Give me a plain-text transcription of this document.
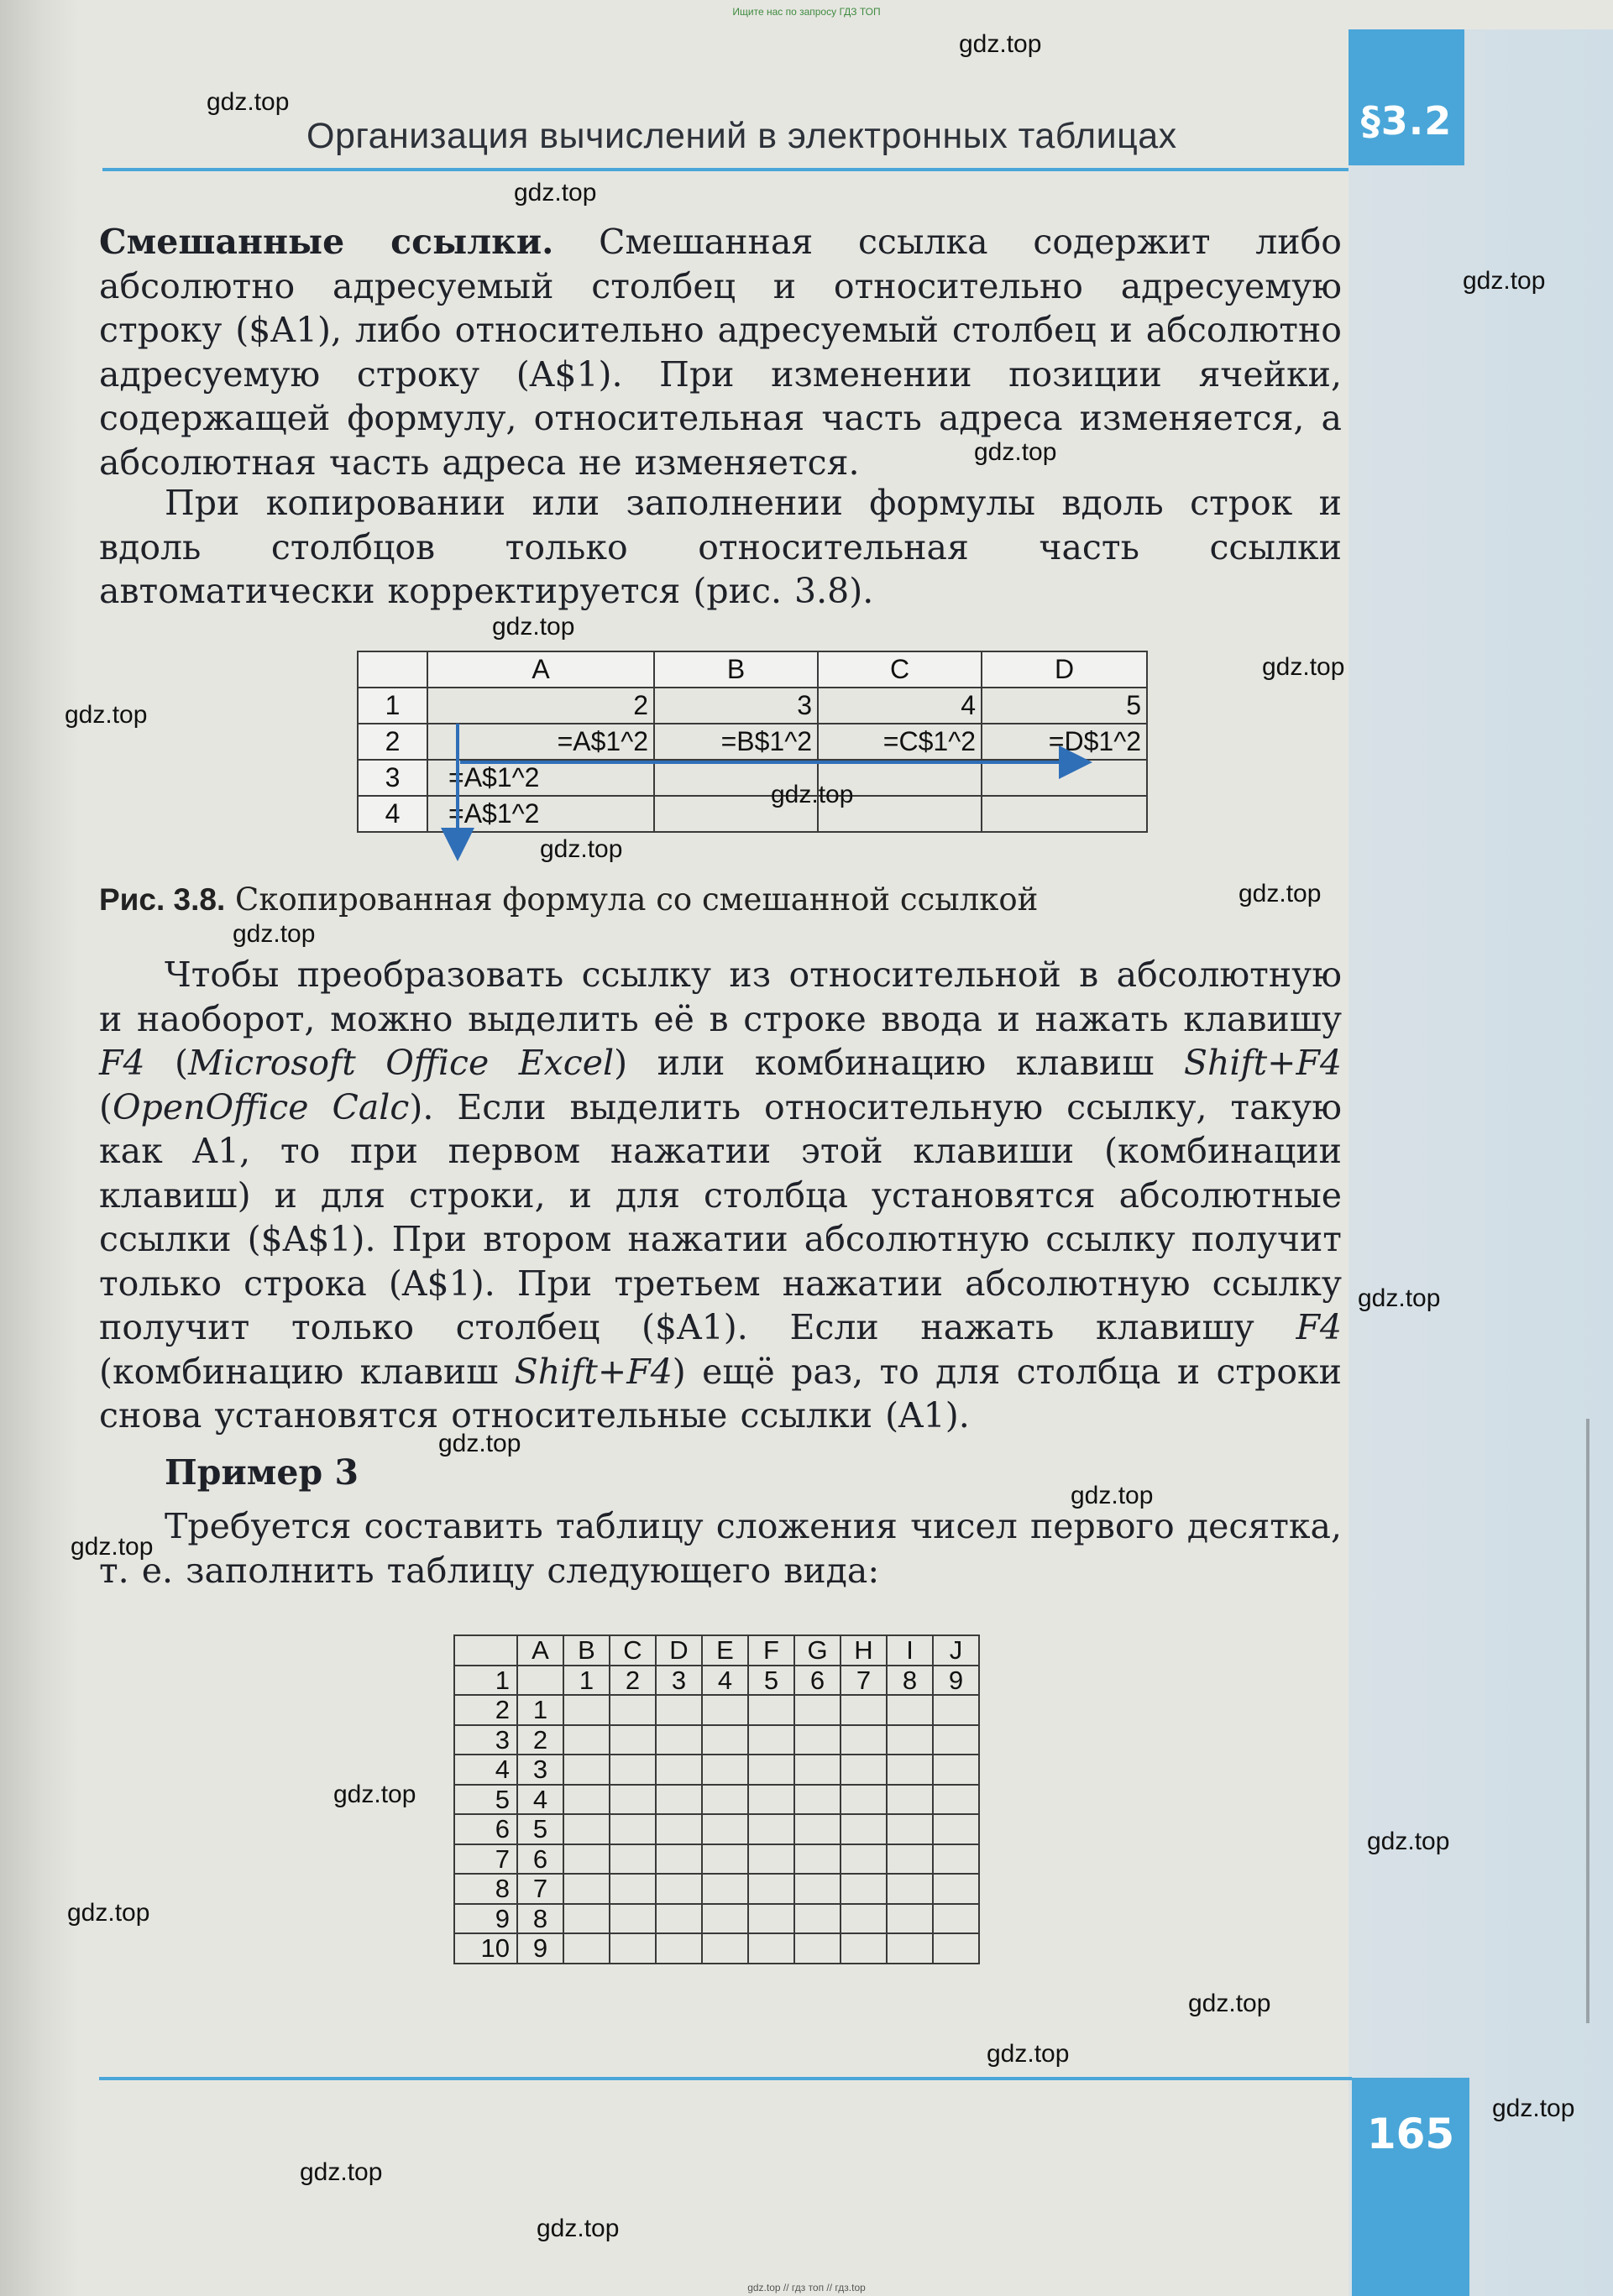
Ищите нас по запросу ГДЗ ТОП
§3.2
Организация вычислений в электронных таблицах

Смешанные ссылки. Смешанная ссылка содержит либо абсолютно адресуемый столбец и относительно адресуемую строку ($A1), либо относительно адресуемый столбец и абсолютно адресуемую строку (A$1). При изменении позиции ячейки, содержащей формулу, относительная часть адреса изменяется, а абсолютная часть адреса не изменяется.

При копировании или заполнении формулы вдоль строк и вдоль столбцов только относительная часть ссылки автоматически корректируется (рис. 3.8).

	A	B	C	D
1	2	3	4	5
2	=A$1^2	=B$1^2	=C$1^2	=D$1^2
3	=A$1^2			
4	=A$1^2			
Рис. 3.8. Скопированная формула со смешанной ссылкой

Чтобы преобразовать ссылку из относительной в абсолютную и наоборот, можно выделить её в строке ввода и нажать клавишу F4 (Microsoft Office Excel) или комбинацию клавиш Shift+F4 (OpenOffice Calc). Если выделить относительную ссылку, такую как A1, то при первом нажатии этой клавиши (комбинации клавиш) и для строки, и для столбца установятся абсолютные ссылки ($A$1). При втором нажатии абсолютную ссылку получит только строка (A$1). При третьем нажатии абсолютную ссылку получит только столбец ($A1). Если нажать клавишу F4 (комбинацию клавиш Shift+F4) ещё раз, то для столбца и строки снова установятся относительные ссылки (A1).

Пример 3

Требуется составить таблицу сложения чисел первого десятка, т. е. заполнить таблицу следующего вида:

	A	B	C	D	E	F	G	H	I	J
1		1	2	3	4	5	6	7	8	9
2	1									
3	2									
4	3									
5	4									
6	5									
7	6									
8	7									
9	8									
10	9									
165
gdz.top // гдз топ // гдз.top
gdz.top
gdz.top
gdz.top
gdz.top
gdz.top
gdz.top
gdz.top
gdz.top
gdz.top
gdz.top
gdz.top
gdz.top
gdz.top
gdz.top
gdz.top
gdz.top
gdz.top
gdz.top
gdz.top
gdz.top
gdz.top
gdz.top
gdz.top
gdz.top
